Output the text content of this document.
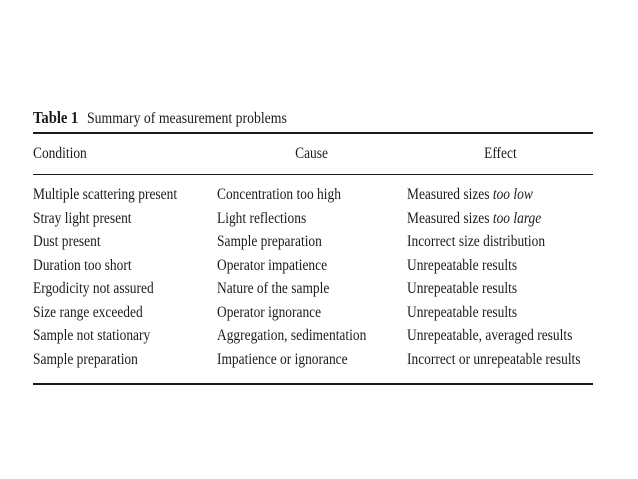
Table 1 Summary of measurement problems
Condition	Cause	Effect
Multiple scattering present	Concentration too high	Measured sizes too low
Stray light present	Light reflections	Measured sizes too large
Dust present	Sample preparation	Incorrect size distribution
Duration too short	Operator impatience	Unrepeatable results
Ergodicity not assured	Nature of the sample	Unrepeatable results
Size range exceeded	Operator ignorance	Unrepeatable results
Sample not stationary	Aggregation, sedimentation	Unrepeatable, averaged results
Sample preparation	Impatience or ignorance	Incorrect or unrepeatable results
